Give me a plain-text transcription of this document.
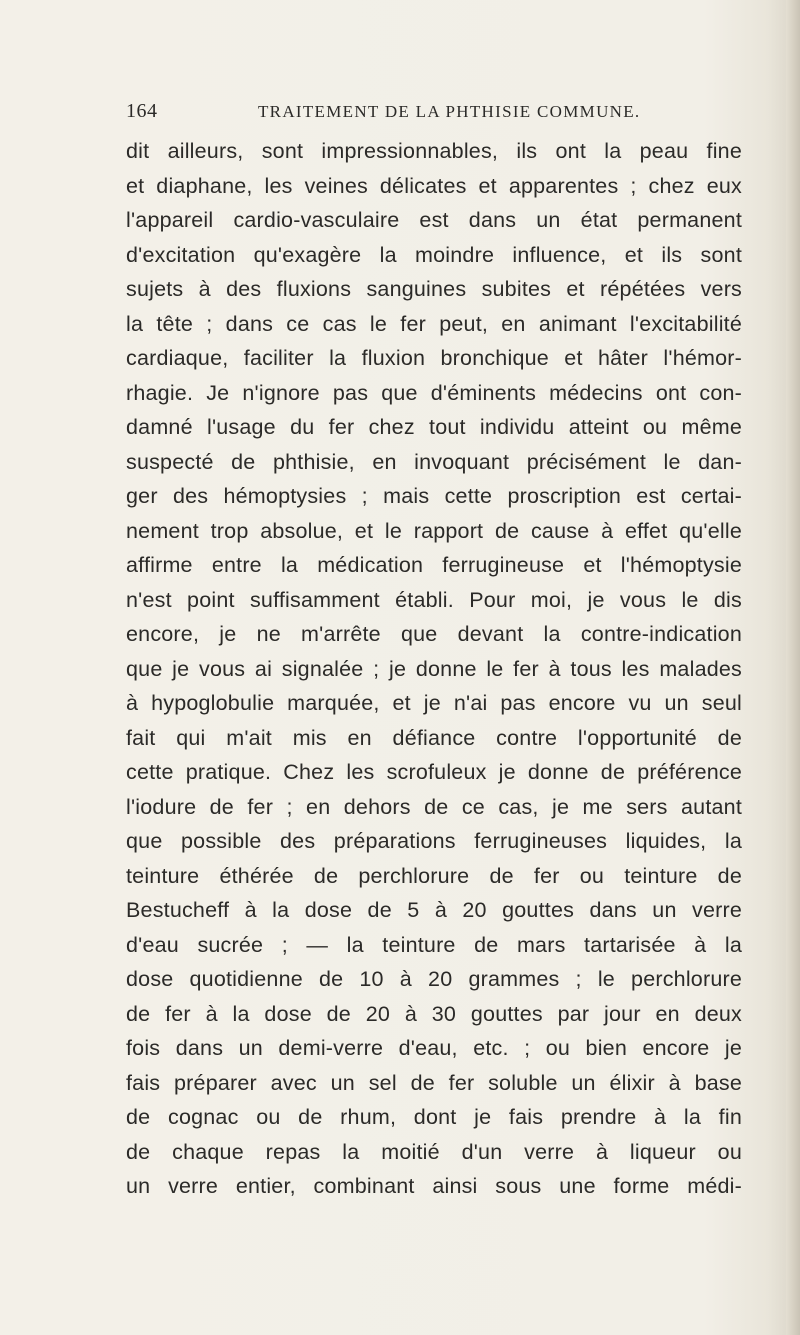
164	TRAITEMENT DE LA PHTHISIE COMMUNE.
dit ailleurs, sont impressionnables, ils ont la peau fine
et diaphane, les veines délicates et apparentes ; chez eux
l'appareil cardio-vasculaire est dans un état permanent
d'excitation qu'exagère la moindre influence, et ils sont
sujets à des fluxions sanguines subites et répétées vers
la tête ; dans ce cas le fer peut, en animant l'excitabilité
cardiaque, faciliter la fluxion bronchique et hâter l'hémor-
rhagie. Je n'ignore pas que d'éminents médecins ont con-
damné l'usage du fer chez tout individu atteint ou même
suspecté de phthisie, en invoquant précisément le dan-
ger des hémoptysies ; mais cette proscription est certai-
nement trop absolue, et le rapport de cause à effet qu'elle
affirme entre la médication ferrugineuse et l'hémoptysie
n'est point suffisamment établi. Pour moi, je vous le dis
encore, je ne m'arrête que devant la contre-indication
que je vous ai signalée ; je donne le fer à tous les malades
à hypoglobulie marquée, et je n'ai pas encore vu un seul
fait qui m'ait mis en défiance contre l'opportunité de
cette pratique. Chez les scrofuleux je donne de préférence
l'iodure de fer ; en dehors de ce cas, je me sers autant
que possible des préparations ferrugineuses liquides, la
teinture éthérée de perchlorure de fer ou teinture de
Bestucheff à la dose de 5 à 20 gouttes dans un verre
d'eau sucrée ; — la teinture de mars tartarisée à la
dose quotidienne de 10 à 20 grammes ; le perchlorure
de fer à la dose de 20 à 30 gouttes par jour en deux
fois dans un demi-verre d'eau, etc. ; ou bien encore je
fais préparer avec un sel de fer soluble un élixir à base
de cognac ou de rhum, dont je fais prendre à la fin
de chaque repas la moitié d'un verre à liqueur ou
un verre entier, combinant ainsi sous une forme médi-
